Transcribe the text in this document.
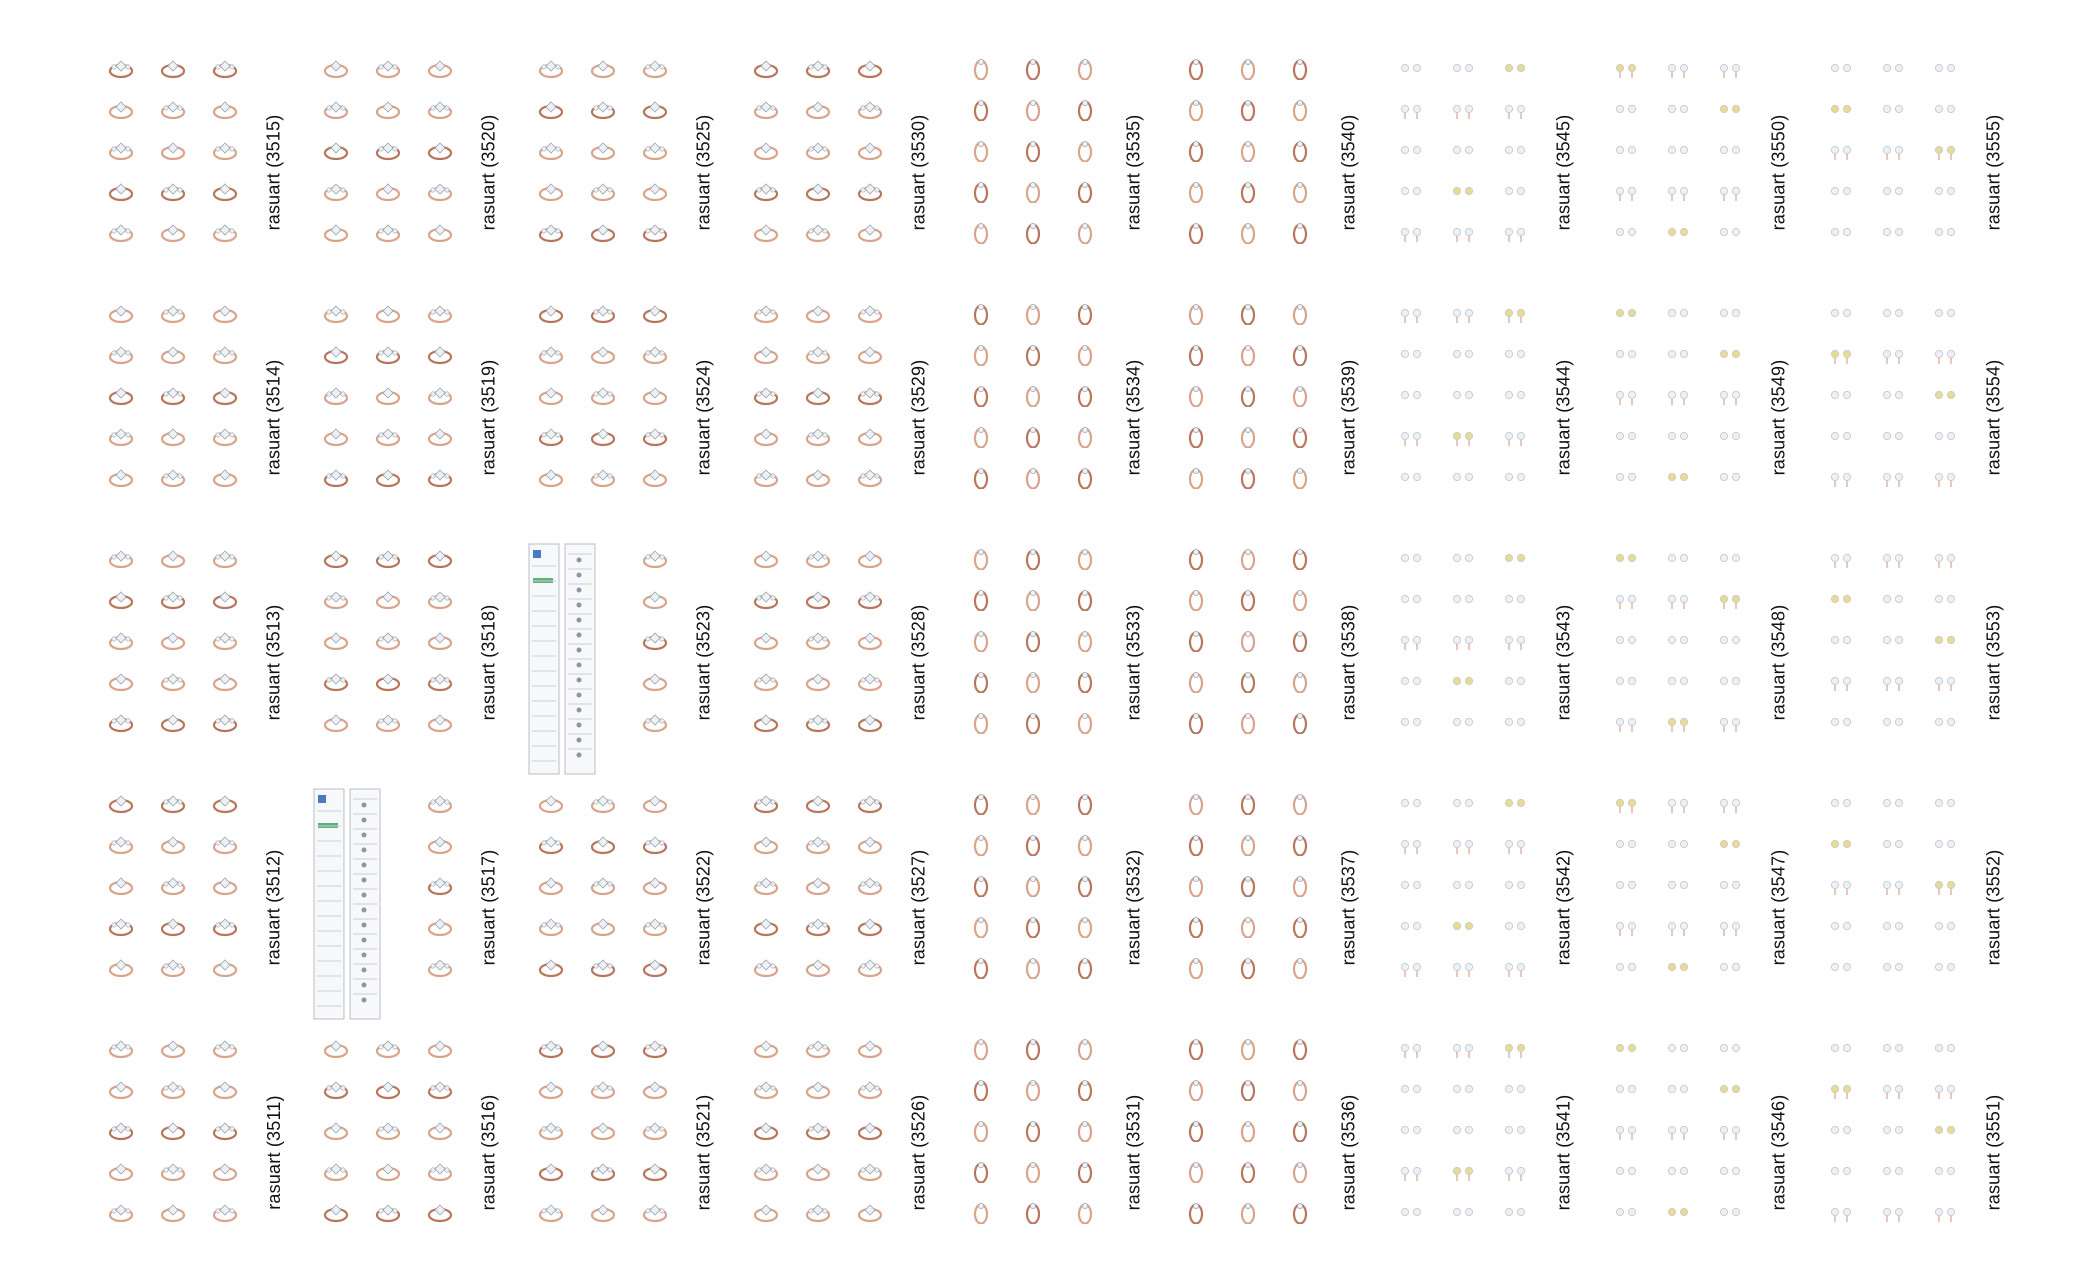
rasuart (3515)
rasuart (3514)
rasuart (3513)
rasuart (3512)
rasuart (3511)
rasuart (3520)
rasuart (3519)
rasuart (3518)
rasuart (3517)
rasuart (3516)
rasuart (3525)
rasuart (3524)
rasuart (3523)
rasuart (3522)
rasuart (3521)
rasuart (3530)
rasuart (3529)
rasuart (3528)
rasuart (3527)
rasuart (3526)
rasuart (3535)
rasuart (3534)
rasuart (3533)
rasuart (3532)
rasuart (3531)
rasuart (3540)
rasuart (3539)
rasuart (3538)
rasuart (3537)
rasuart (3536)
rasuart (3545)
rasuart (3544)
rasuart (3543)
rasuart (3542)
rasuart (3541)
rasuart (3550)
rasuart (3549)
rasuart (3548)
rasuart (3547)
rasuart (3546)
rasuart (3555)
rasuart (3554)
rasuart (3553)
rasuart (3552)
rasuart (3551)
